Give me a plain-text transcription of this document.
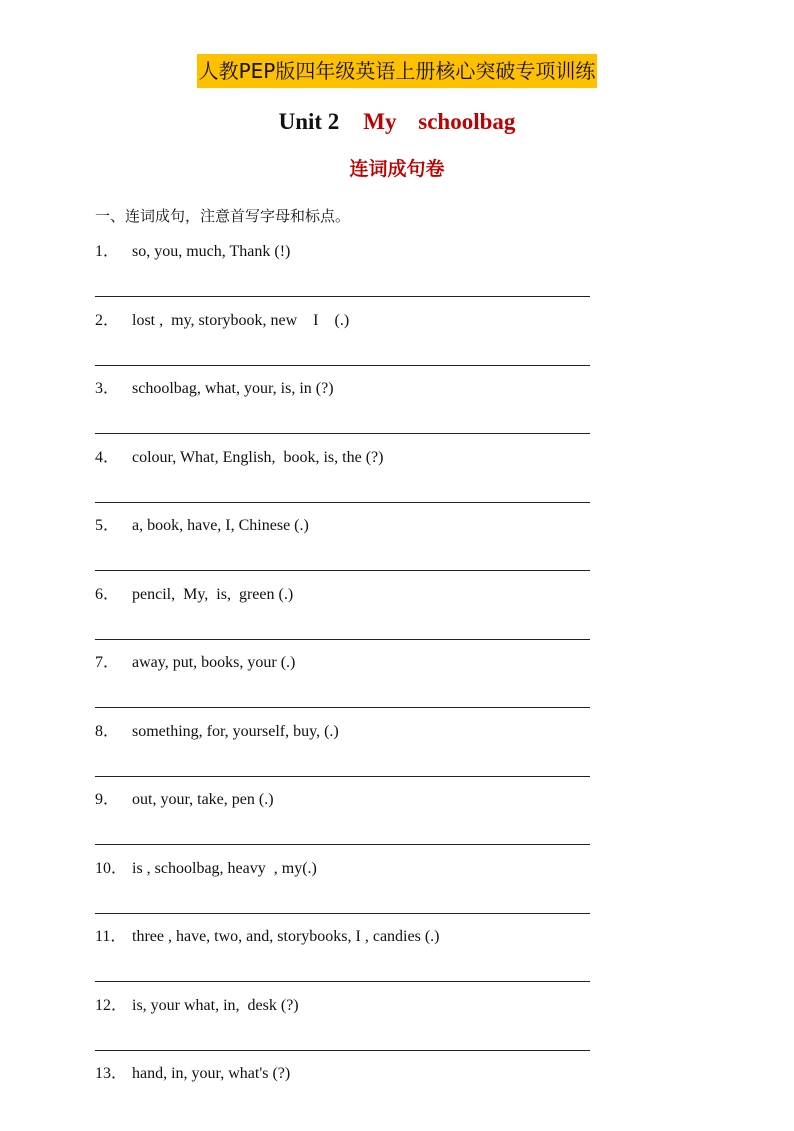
人教PEP版四年级英语上册核心突破专项训练
Unit 2 My schoolbag
连词成句卷
一、连词成句，注意首写字母和标点。
1． so, you, much, Thank (!)
2． lost ,  my, storybook, new    I    (.)
3． schoolbag, what, your, is, in (?)
4． colour, What, English,  book, is, the (?)
5． a, book, have, I, Chinese (.)
6． pencil,  My,  is,  green (.)
7． away, put, books, your (.)
8． something, for, yourself, buy, (.)
9． out, your, take, pen (.)
10． is , schoolbag, heavy  , my(.)
11． three , have, two, and, storybooks, I , candies (.)
12． is, your what, in,  desk (?)
13． hand, in, your, what's (?)
